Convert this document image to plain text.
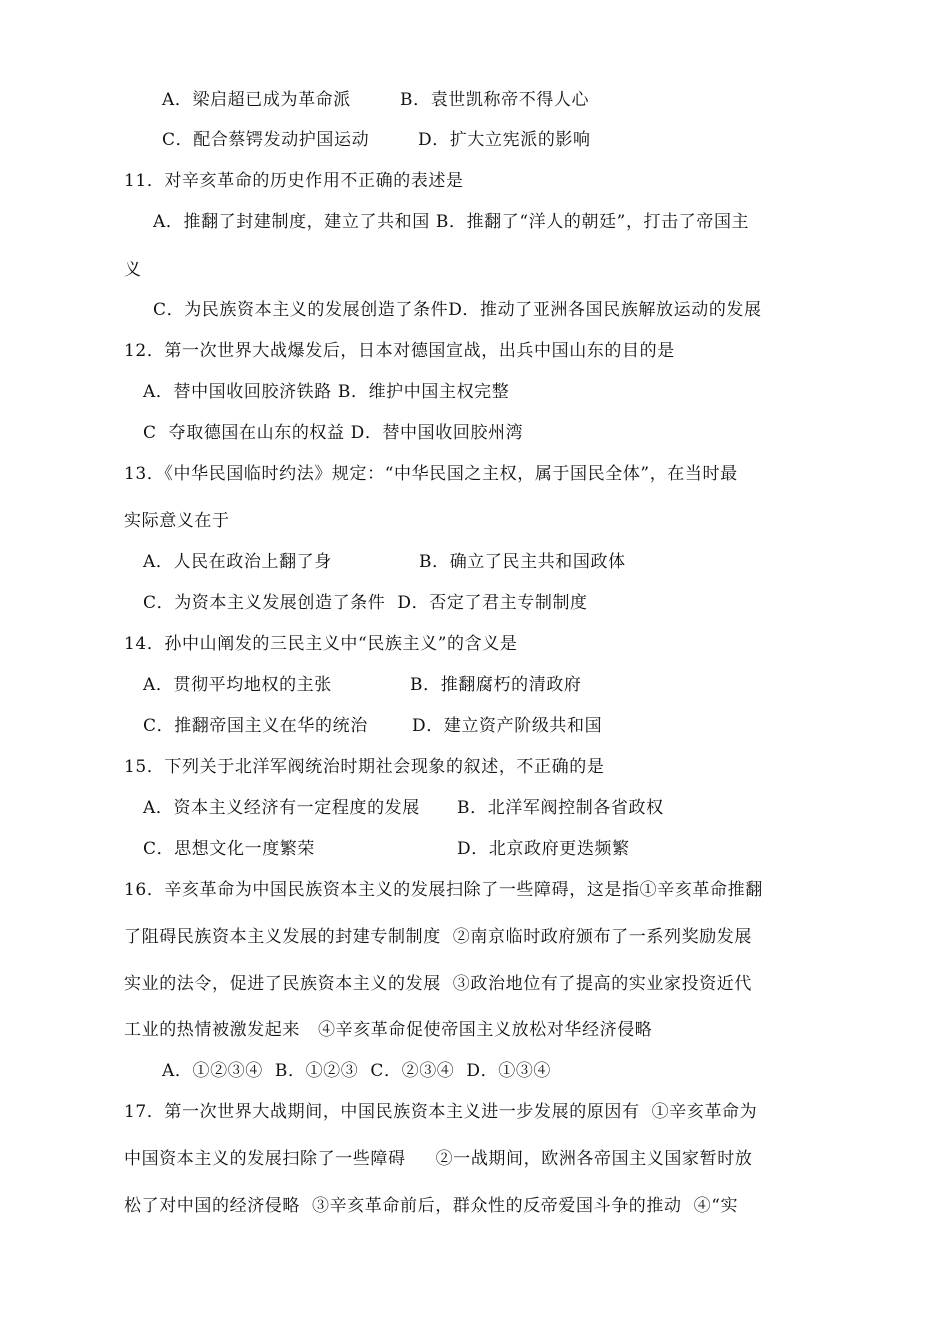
A．梁启超已成为革命派	B．袁世凯称帝不得人心
C．配合蔡锷发动护国运动	D．扩大立宪派的影响
11．对辛亥革命的历史作用不正确的表述是
A．推翻了封建制度，建立了共和国 B．推翻了“洋人的朝廷”，打击了帝国主
义
C．为民族资本主义的发展创造了条件D．推动了亚洲各国民族解放运动的发展
12．第一次世界大战爆发后，日本对德国宣战，出兵中国山东的目的是
A．替中国收回胶济铁路 B．维护中国主权完整
C  夺取德国在山东的权益 D．替中国收回胶州湾
13．《中华民国临时约法》规定：“中华民国之主权，属于国民全体”，在当时最
实际意义在于
A．人民在政治上翻了身	B．确立了民主共和国政体
C．为资本主义发展创造了条件  D．否定了君主专制制度
14．孙中山阐发的三民主义中“民族主义”的含义是
A．贯彻平均地权的主张	B．推翻腐朽的清政府
C．推翻帝国主义在华的统治	D．建立资产阶级共和国
15．下列关于北洋军阀统治时期社会现象的叙述，不正确的是
A．资本主义经济有一定程度的发展 B．北洋军阀控制各省政权
C．思想文化一度繁荣	D．北京政府更迭频繁
16．辛亥革命为中国民族资本主义的发展扫除了一些障碍，这是指①辛亥革命推翻
了阻碍民族资本主义发展的封建专制制度  ②南京临时政府颁布了一系列奖励发展
实业的法令，促进了民族资本主义的发展  ③政治地位有了提高的实业家投资近代
工业的热情被激发起来   ④辛亥革命促使帝国主义放松对华经济侵略
A．①②③④  B．①②③  C．②③④  D．①③④
17．第一次世界大战期间，中国民族资本主义进一步发展的原因有  ①辛亥革命为
中国资本主义的发展扫除了一些障碍     ②一战期间，欧洲各帝国主义国家暂时放
松了对中国的经济侵略  ③辛亥革命前后，群众性的反帝爱国斗争的推动  ④“实
